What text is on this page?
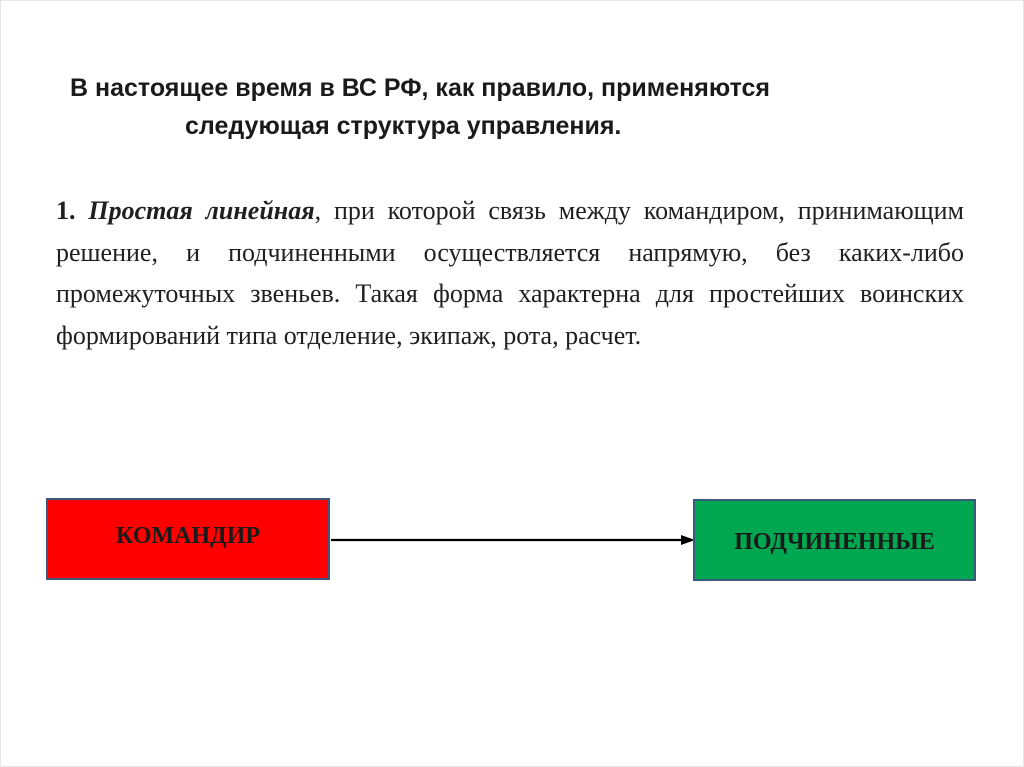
В настоящее время в ВС РФ, как правило, применяются
следующая структура управления.
1. Простая линейная, при которой связь между командиром, принимающим решение, и подчиненными осуществляется напрямую, без каких-либо промежуточных звеньев. Такая форма характерна для простейших воинских формирований типа отделение, экипаж, рота, расчет.
КОМАНДИР	ПОДЧИНЕННЫЕ
